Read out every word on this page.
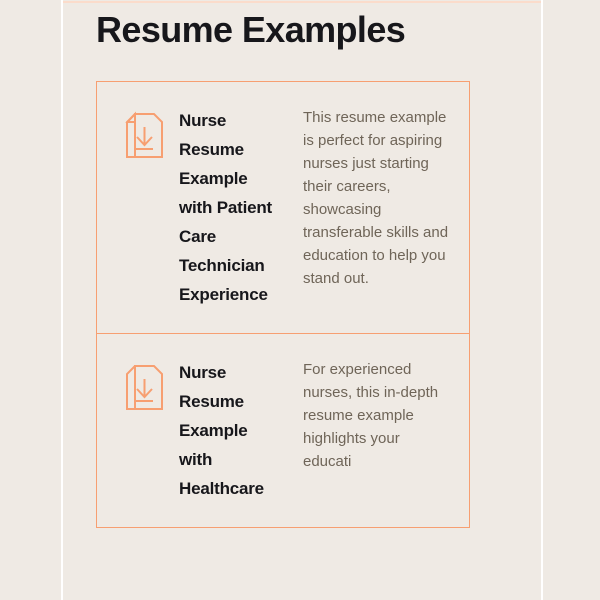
Resume Examples
Nurse Resume Example with Patient Care Technician Experience

This resume example is perfect for aspiring nurses just starting their careers, showcasing transferable skills and education to help you stand out.

Nurse Resume Example with Healthcare

For experienced nurses, this in-depth resume example highlights your educati
